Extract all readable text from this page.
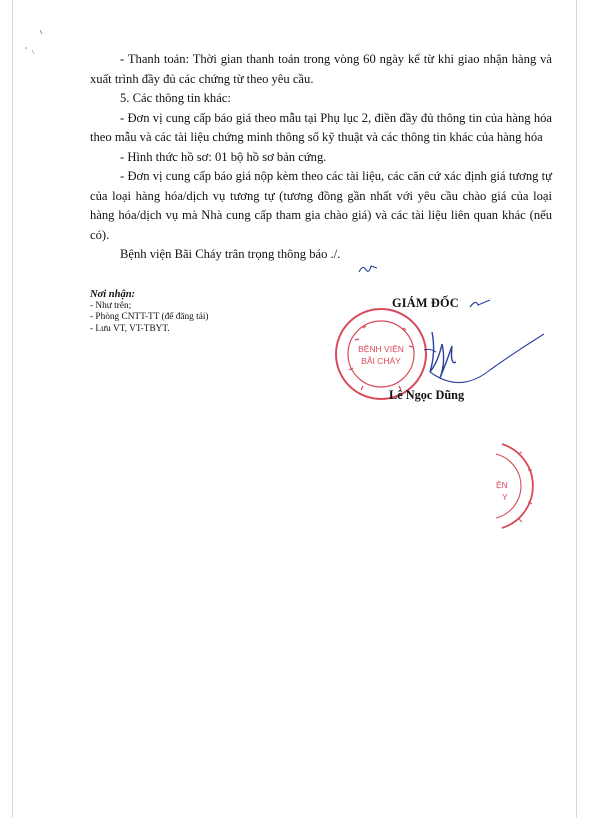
- Thanh toán: Thời gian thanh toán trong vòng 60 ngày kể từ khi giao nhận hàng và xuất trình đầy đủ các chứng từ theo yêu cầu.

5. Các thông tin khác:

- Đơn vị cung cấp báo giá theo mẫu tại Phụ lục 2, điền đầy đủ thông tin của hàng hóa theo mẫu và các tài liệu chứng minh thông số kỹ thuật và các thông tin khác của hàng hóa

- Hình thức hồ sơ: 01 bộ hồ sơ bản cứng.

- Đơn vị cung cấp báo giá nộp kèm theo các tài liệu, các căn cứ xác định giá tương tự của loại hàng hóa/dịch vụ tương tự (tương đồng gần nhất với yêu cầu chào giá của loại hàng hóa/dịch vụ mà Nhà cung cấp tham gia chào giá) và các tài liệu liên quan khác (nếu có).

Bệnh viện Bãi Cháy trân trọng thông báo ./.

Nơi nhận:
- Như trên;
- Phòng CNTT-TT (để đăng tải)
- Lưu VT, VT-TBYT.
GIÁM ĐỐC
BỆNH VIỆN
BÃI CHÁY
Lê Ngọc Dũng
ỆN
Y
